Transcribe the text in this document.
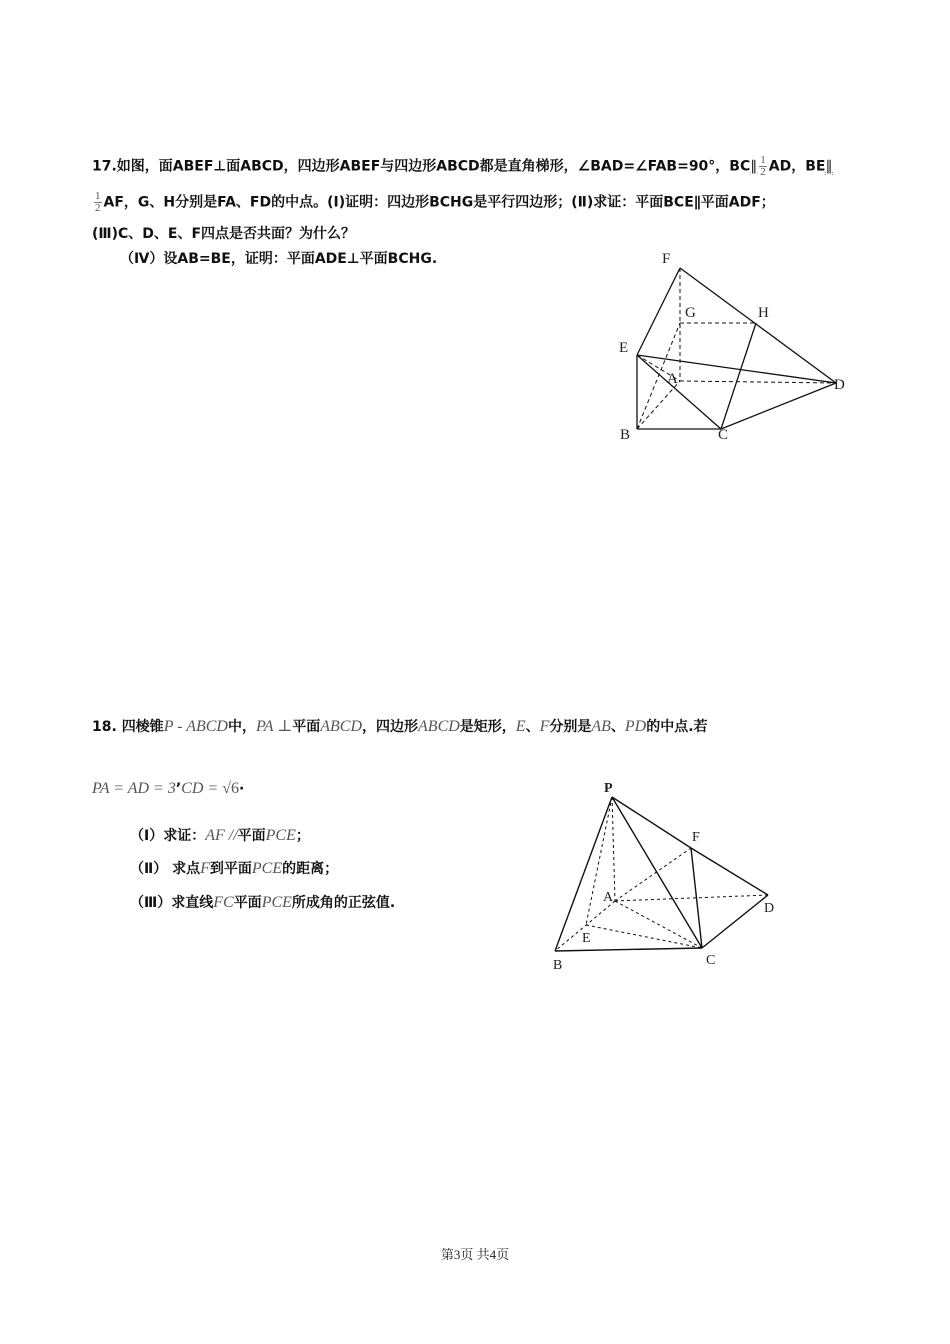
17.如图，面ABEF⊥面ABCD，四边形ABEF与四边形ABCD都是直角梯形，∠BAD=∠FAB=90°，BC∥ $\frac{1}{2}$ AD，BE∥
$\frac{1}{2}$ AF，G、H分别是FA、FD的中点。(Ⅰ)证明：四边形BCHG是平行四边形；(Ⅱ)求证：平面BCE∥平面ADF；
(Ⅲ)C、D、E、F四点是否共面？为什么？
（Ⅳ）设AB=BE，证明：平面ADE⊥平面BCHG.	F
G	H
E
A	D
B	C
18. 四棱锥P - ABCD中，PA ⊥平面ABCD，四边形ABCD是矩形，E、F分别是AB、PD的中点.若
PA = AD = 3’CD = √6·
（Ⅰ）求证：AF //平面PCE；
（Ⅱ） 求点F到平面PCE的距离；
（Ⅲ）求直线FC平面PCE所成角的正弦值.
P
F
A
D
E
B	C
第3页 共4页
